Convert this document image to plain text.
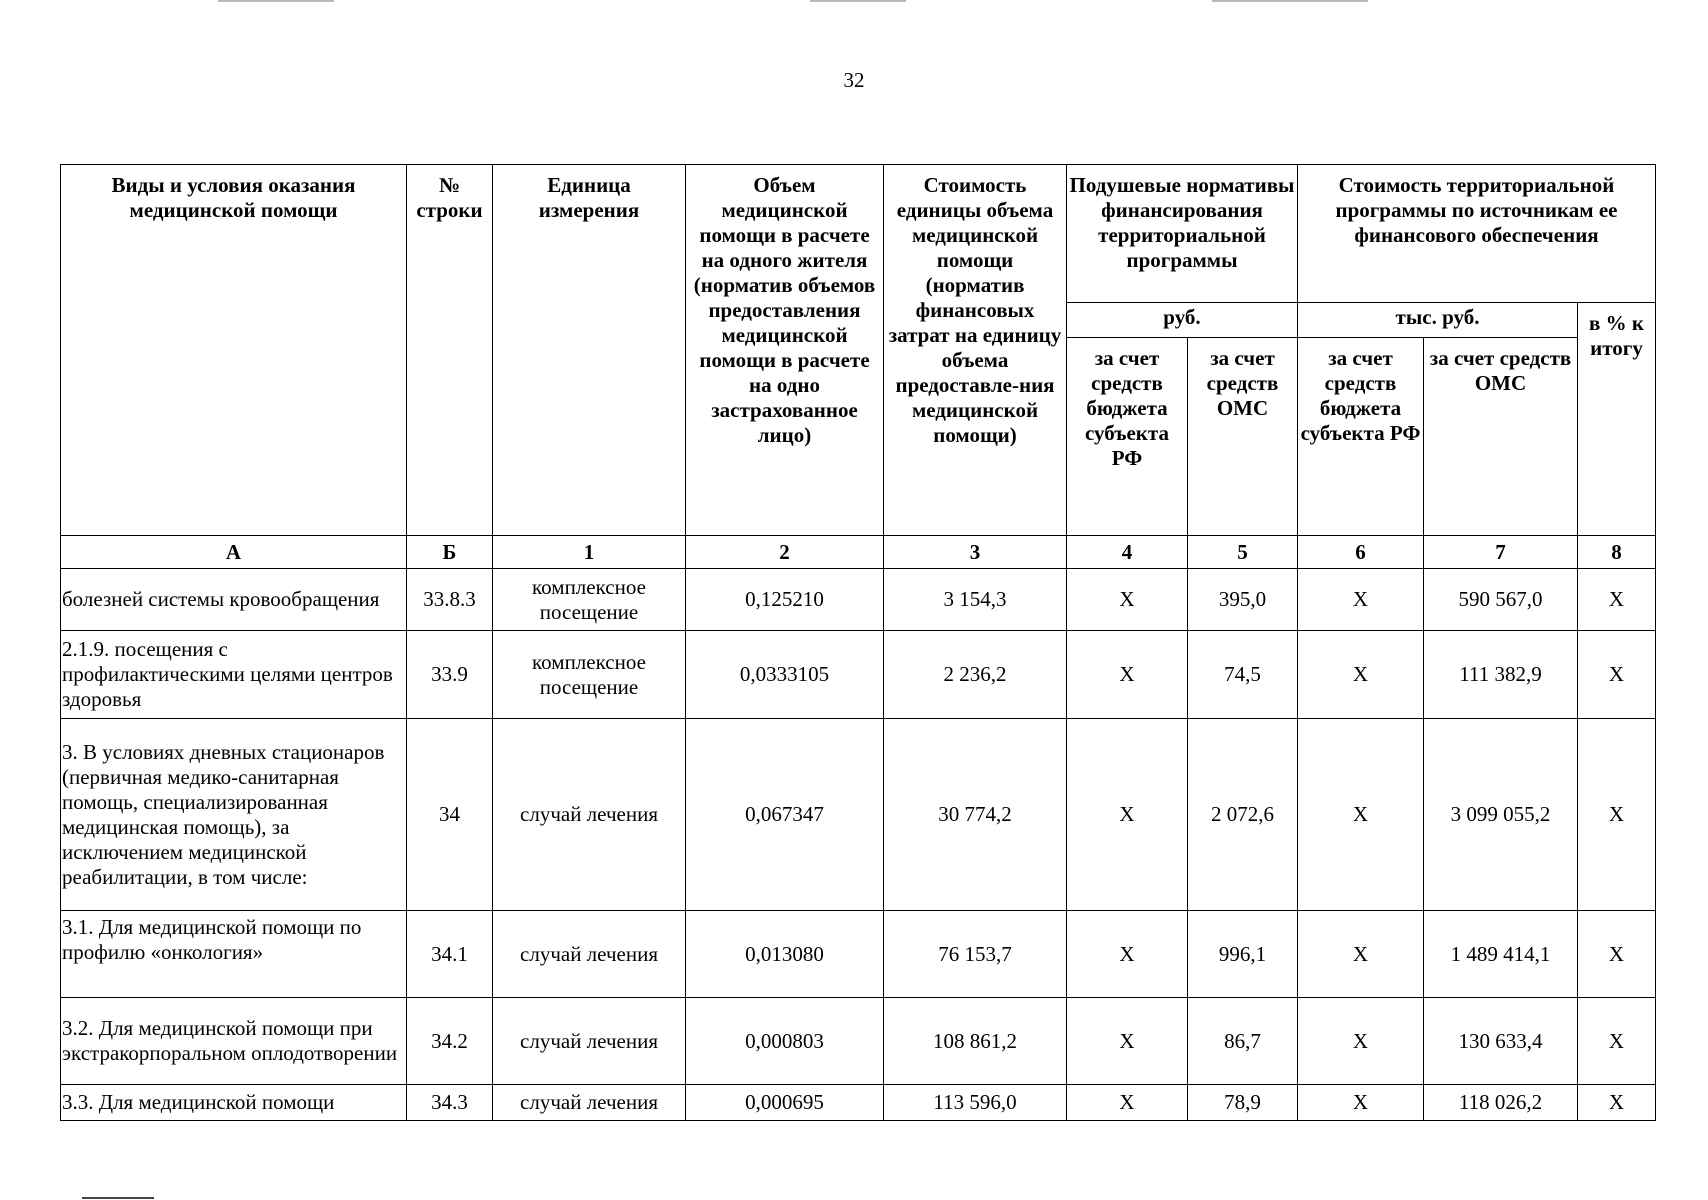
32
Виды и условия оказания медицинской помощи	№ строки	Единица измерения	Объем медицинской помощи в расчете на одного жителя (норматив объемов предоставления медицинской помощи в расчете на одно застрахованное лицо)	Стоимость единицы объема медицинской помощи (норматив финансовых затрат на единицу объема предоставле-ния медицинской помощи)	Подушевые нормативы финансирования территориальной программы		Стоимость территориальной программы по источникам ее финансового обеспечения		
					руб.		тыс. руб.		в % к итогу
					за счет средств бюджета субъекта РФ	за счет средств ОМС	за счет средств бюджета субъекта РФ	за счет средств ОМС	
А	Б	1	2	3	4	5	6	7	8
болезней системы кровообращения	33.8.3	комплексное посещение	0,125210	3 154,3	Х	395,0	Х	590 567,0	Х
2.1.9. посещения с профилактическими целями центров здоровья	33.9	комплексное посещение	0,0333105	2 236,2	Х	74,5	Х	111 382,9	Х
3. В условиях дневных стационаров (первичная медико-санитарная помощь, специализированная медицинская помощь), за исключением медицинской реабилитации, в том числе:	34	случай лечения	0,067347	30 774,2	Х	2 072,6	Х	3 099 055,2	Х
3.1. Для медицинской помощи по профилю «онкология»	34.1	случай лечения	0,013080	76 153,7	Х	996,1	Х	1 489 414,1	Х
3.2. Для медицинской помощи при экстракорпоральном оплодотворении	34.2	случай лечения	0,000803	108 861,2	Х	86,7	Х	130 633,4	Х
3.3. Для медицинской помощи	34.3	случай лечения	0,000695	113 596,0	Х	78,9	Х	118 026,2	Х
